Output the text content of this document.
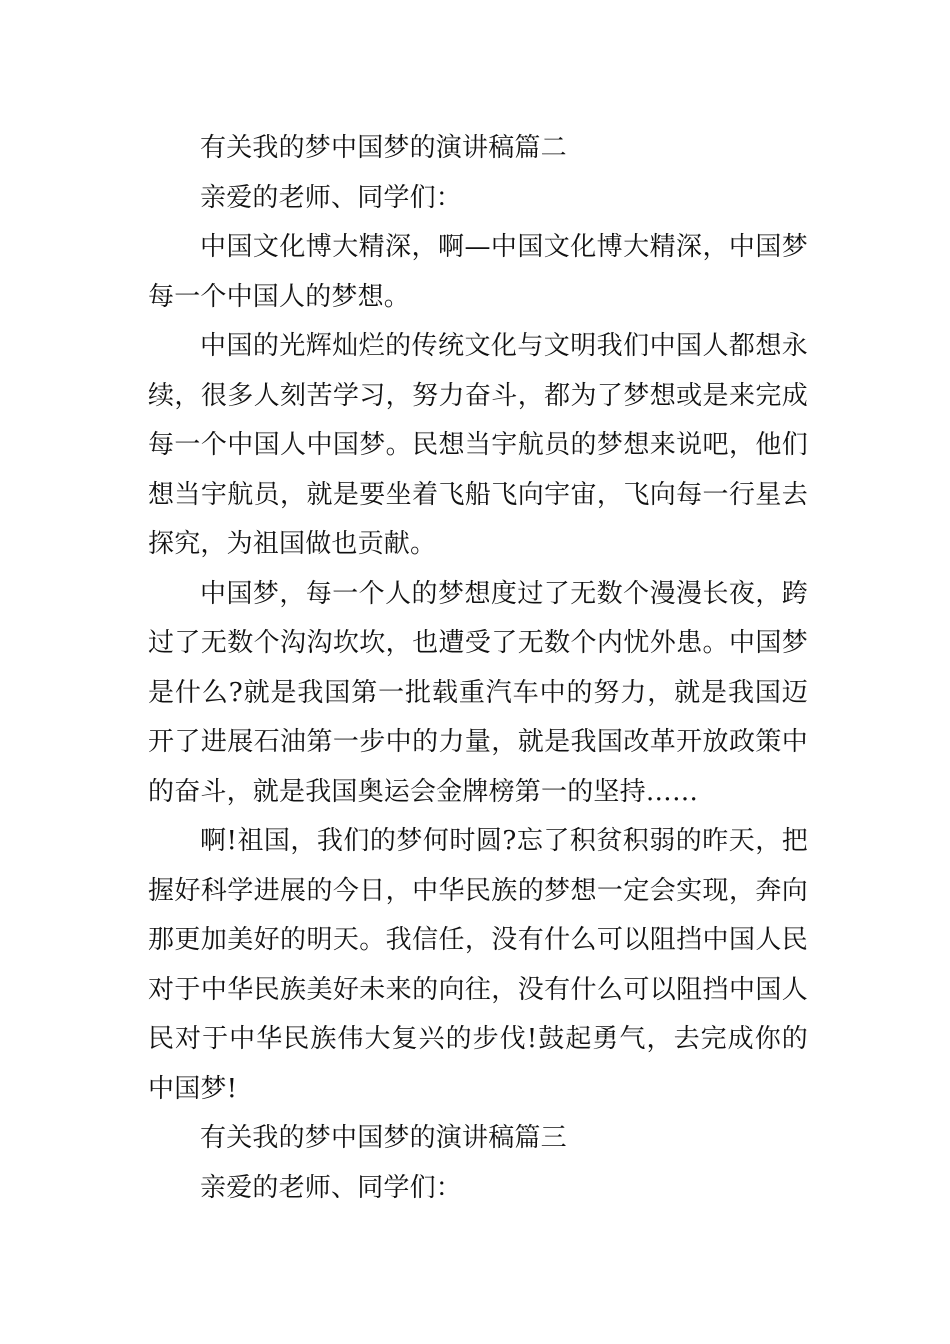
有关我的梦中国梦的演讲稿篇二

亲爱的老师、同学们：

中国文化博大精深，啊—中国文化博大精深，中国梦每一个中国人的梦想。

中国的光辉灿烂的传统文化与文明我们中国人都想永续，很多人刻苦学习，努力奋斗，都为了梦想或是来完成每一个中国人中国梦。民想当宇航员的梦想来说吧，他们想当宇航员，就是要坐着飞船飞向宇宙，飞向每一行星去探究，为祖国做也贡献。

中国梦，每一个人的梦想度过了无数个漫漫长夜，跨过了无数个沟沟坎坎，也遭受了无数个内忧外患。中国梦是什么?就是我国第一批载重汽车中的努力，就是我国迈开了进展石油第一步中的力量，就是我国改革开放政策中的奋斗，就是我国奥运会金牌榜第一的坚持……

啊!祖国，我们的梦何时圆?忘了积贫积弱的昨天，把握好科学进展的今日，中华民族的梦想一定会实现，奔向那更加美好的明天。我信任，没有什么可以阻挡中国人民对于中华民族美好未来的向往，没有什么可以阻挡中国人民对于中华民族伟大复兴的步伐!鼓起勇气，去完成你的中国梦!

有关我的梦中国梦的演讲稿篇三

亲爱的老师、同学们：
